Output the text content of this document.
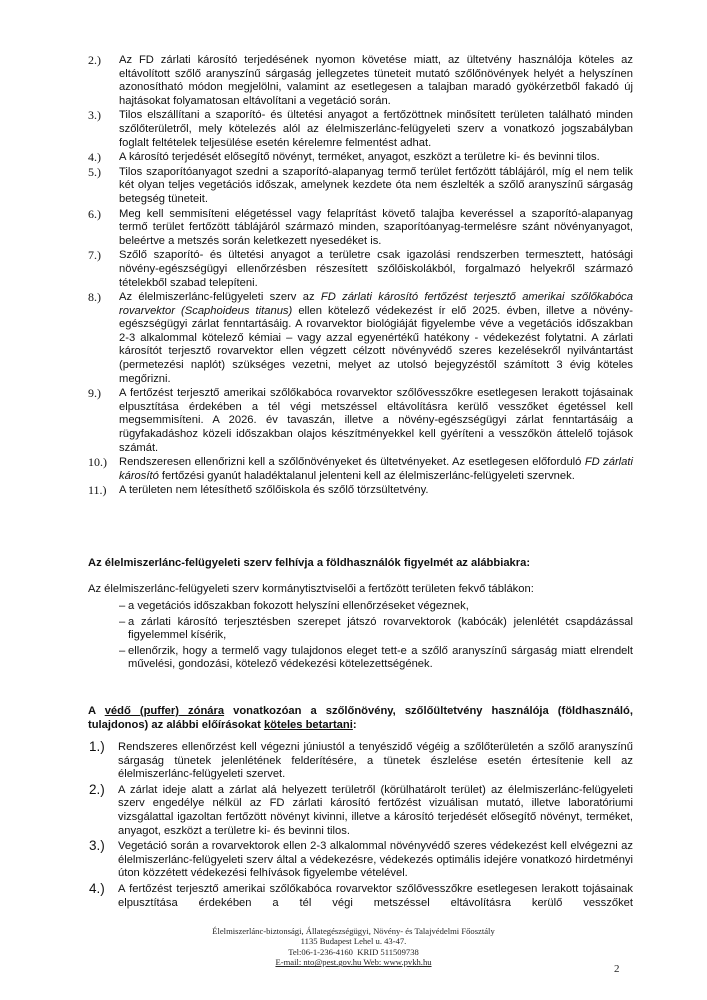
2.) Az FD zárlati károsító terjedésének nyomon követése miatt, az ültetvény használója köteles az eltávolított szőlő aranyszínű sárgaság jellegzetes tüneteit mutató szőlőnövények helyét a helyszínen azonosítható módon megjelölni, valamint az esetlegesen a talajban maradó gyökérzetből fakadó új hajtásokat folyamatosan eltávolítani a vegetáció során.
3.) Tilos elszállítani a szaporító- és ültetési anyagot a fertőzöttnek minősített területen található minden szőlőterületről, mely kötelezés alól az élelmiszerlánc-felügyeleti szerv a vonatkozó jogszabályban foglalt feltételek teljesülése esetén kérelemre felmentést adhat.
4.) A károsító terjedését elősegítő növényt, terméket, anyagot, eszközt a területre ki- és bevinni tilos.
5.) Tilos szaporítóanyagot szedni a szaporító-alapanyag termő terület fertőzött táblájáról, míg el nem telik két olyan teljes vegetációs időszak, amelynek kezdete óta nem észlelték a szőlő aranyszínű sárgaság betegség tüneteit.
6.) Meg kell semmisíteni elégetéssel vagy felaprítást követő talajba keveréssel a szaporító-alapanyag termő terület fertőzött táblájáról származó minden, szaporítóanyag-termelésre szánt növényanyagot, beleértve a metszés során keletkezett nyesedéket is.
7.) Szőlő szaporító- és ültetési anyagot a területre csak igazolási rendszerben termesztett, hatósági növény-egészségügyi ellenőrzésben részesített szőlőiskolákból, forgalmazó helyekről származó tételekből szabad telepíteni.
8.) Az élelmiszerlánc-felügyeleti szerv az FD zárlati károsító fertőzést terjesztő amerikai szőlőkabóca rovarvektor (Scaphoideus titanus) ellen kötelező védekezést ír elő 2025. évben, illetve a növény-egészségügyi zárlat fenntartásáig. A rovarvektor biológiáját figyelembe véve a vegetációs időszakban 2-3 alkalommal kötelező kémiai – vagy azzal egyenértékű hatékony - védekezést folytatni. A zárlati károsítót terjesztő rovarvektor ellen végzett célzott növényvédő szeres kezelésekről nyilvántartást (permetezési naplót) szükséges vezetni, melyet az utolsó bejegyzéstől számított 3 évig köteles megőrizni.
9.) A fertőzést terjesztő amerikai szőlőkabóca rovarvektor szőlővesszőkre esetlegesen lerakott tojásainak elpusztítása érdekében a tél végi metszéssel eltávolításra kerülő vesszőket égetéssel kell megsemmisíteni. A 2026. év tavaszán, illetve a növény-egészségügyi zárlat fenntartásáig a rügyfakadáshoz közeli időszakban olajos készítményekkel kell gyéríteni a vesszőkön áttelelő tojások számát.
10.) Rendszeresen ellenőrizni kell a szőlőnövényeket és ültetvényeket. Az esetlegesen előforduló FD zárlati károsító fertőzési gyanút haladéktalanul jelenteni kell az élelmiszerlánc-felügyeleti szervnek.
11.) A területen nem létesíthető szőlőiskola és szőlő törzsültetvény.
Az élelmiszerlánc-felügyeleti szerv felhívja a földhasználók figyelmét az alábbiakra:
Az élelmiszerlánc-felügyeleti szerv kormánytisztviselői a fertőzött területen fekvő táblákon:
– a vegetációs időszakban fokozott helyszíni ellenőrzéseket végeznek,
– a zárlati károsító terjesztésben szerepet játszó rovarvektorok (kabócák) jelenlétét csapdázással figyelemmel kísérik,
– ellenőrzik, hogy a termelő vagy tulajdonos eleget tett-e a szőlő aranyszínű sárgaság miatt elrendelt művelési, gondozási, kötelező védekezési kötelezettségének.
A védő (puffer) zónára vonatkozóan a szőlőnövény, szőlőültetvény használója (földhasználó, tulajdonos) az alábbi előírásokat köteles betartani:
1.) Rendszeres ellenőrzést kell végezni júniustól a tenyészidő végéig a szőlőterületén a szőlő aranyszínű sárgaság tünetek jelenlétének felderítésére, a tünetek észlelése esetén értesítenie kell az élelmiszerlánc-felügyeleti szervet.
2.) A zárlat ideje alatt a zárlat alá helyezett területről (körülhatárolt terület) az élelmiszerlánc-felügyeleti szerv engedélye nélkül az FD zárlati károsító fertőzést vizuálisan mutató, illetve laboratóriumi vizsgálattal igazoltan fertőzött növényt kivinni, illetve a károsító terjedését elősegítő növényt, terméket, anyagot, eszközt a területre ki- és bevinni tilos.
3.) Vegetáció során a rovarvektorok ellen 2-3 alkalommal növényvédő szeres védekezést kell elvégezni az élelmiszerlánc-felügyeleti szerv által a védekezésre, védekezés optimális idejére vonatkozó hirdetményi úton közzétett védekezési felhívások figyelembe vételével.
4.) A fertőzést terjesztő amerikai szőlőkabóca rovarvektor szőlővesszőkre esetlegesen lerakott tojásainak elpusztítása érdekében a tél végi metszéssel eltávolításra kerülő vesszőket
Élelmiszerlánc-biztonsági, Állategészségügyi, Növény- és Talajvédelmi Főosztály
1135 Budapest Lehel u. 43-47.
Tel:06-1-236-4160  KRID 511509738
E-mail: nto@pest.gov.hu Web: www.pvkh.hu
2
